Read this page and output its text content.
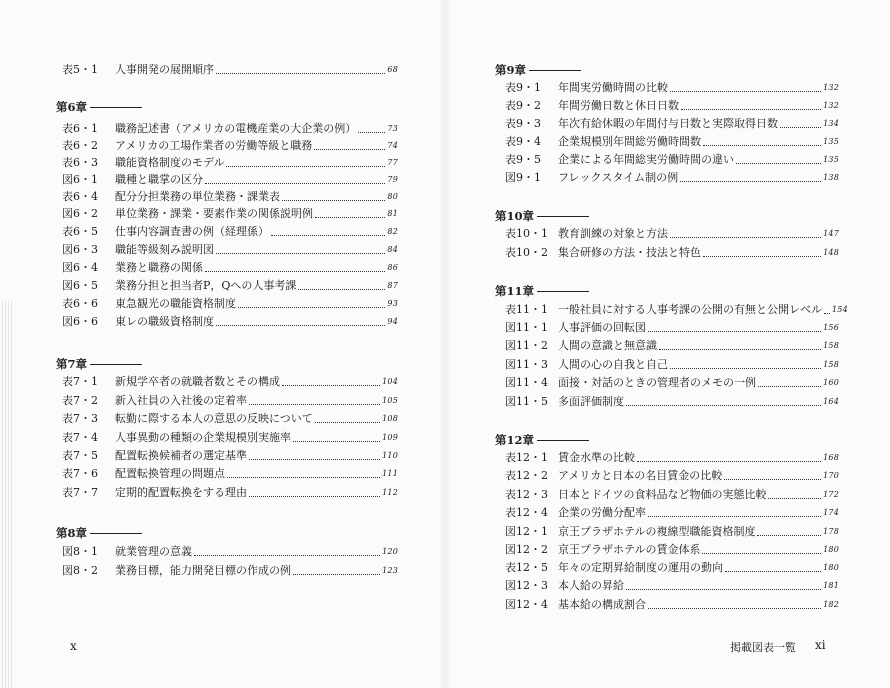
表5・1	人事開発の展開順序	68
第6章
表6・1	職務記述書（アメリカの電機産業の大企業の例）	73
表6・2	アメリカの工場作業者の労働等級と職務	74
表6・3	職能資格制度のモデル	77
図6・1	職種と職掌の区分	79
表6・4	配分分担業務の単位業務・課業表	80
図6・2	単位業務・課業・要素作業の関係説明例	81
表6・5	仕事内容調査書の例（経理係）	82
図6・3	職能等級刻み説明図	84
図6・4	業務と職務の関係	86
図6・5	業務分担と担当者P，Qへの人事考課	87
表6・6	東急観光の職能資格制度	93
図6・6	東レの職級資格制度	94
第7章
表7・1	新規学卒者の就職者数とその構成	104
表7・2	新入社員の入社後の定着率	105
表7・3	転勤に際する本人の意思の反映について	108
表7・4	人事異動の種類の企業規模別実施率	109
表7・5	配置転換候補者の選定基準	110
表7・6	配置転換管理の問題点	111
表7・7	定期的配置転換をする理由	112
第8章
図8・1	就業管理の意義	120
図8・2	業務目標，能力開発目標の作成の例	123
x
第9章
表9・1	年間実労働時間の比較	132
表9・2	年間労働日数と休日日数	132
表9・3	年次有給休暇の年間付与日数と実際取得日数	134
表9・4	企業規模別年間総労働時間数	135
表9・5	企業による年間総実労働時間の違い	135
図9・1	フレックスタイム制の例	138
第10章
表10・1 教育訓練の対象と方法	147
表10・2 集合研修の方法・技法と特色	148
第11章
表11・1 一般社員に対する人事考課の公開の有無と公開レベル 154
図11・1 人事評価の回転図	156
図11・2 人間の意識と無意識	158
図11・3 人間の心の自我と自己	158
図11・4 面接・対話のときの管理者のメモの一例	160
図11・5 多面評価制度	164
第12章
表12・1 賃金水準の比較	168
表12・2 アメリカと日本の名目賃金の比較	170
表12・3 日本とドイツの食料品など物価の実態比較	172
表12・4 企業の労働分配率	174
図12・1 京王プラザホテルの複線型職能資格制度	178
図12・2 京王プラザホテルの賃金体系	180
表12・5 年々の定期昇給制度の運用の動向	180
図12・3 本人給の昇給	181
図12・4 基本給の構成割合	182
掲載図表一覧 xi
